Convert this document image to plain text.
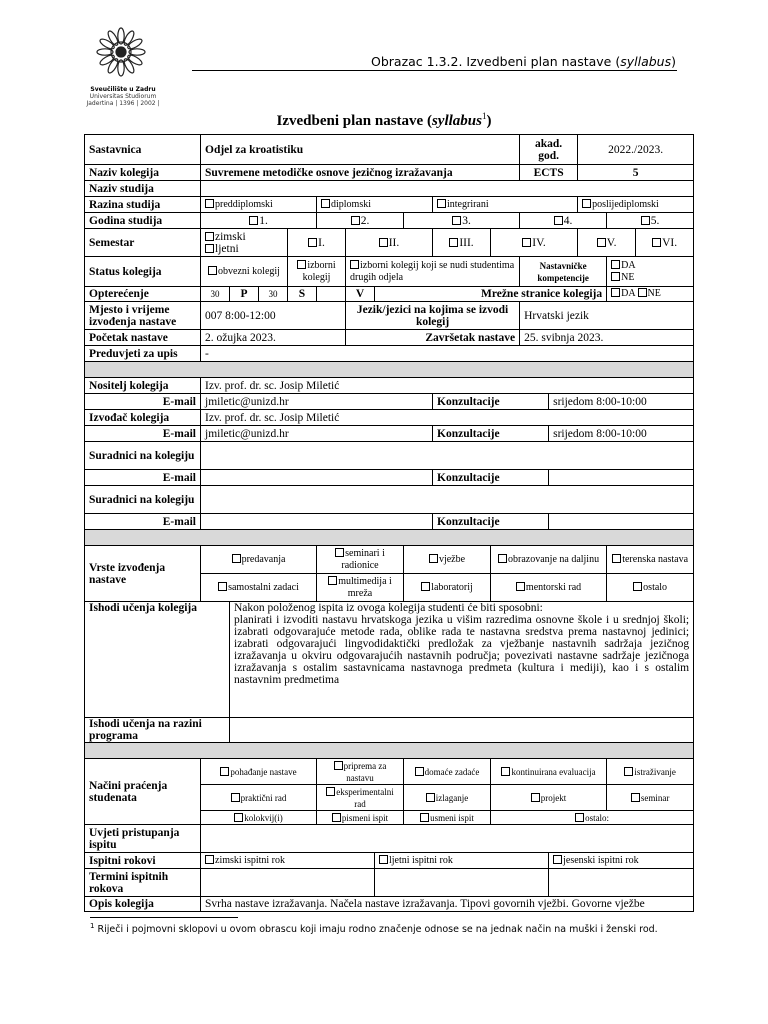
Sveučilište u Zadru
Universitas Studiorum
Jadertina | 1396 | 2002 |
Obrazac 1.3.2. Izvedbeni plan nastave (syllabus)
Izvedbeni plan nastave (syllabus$^1$)
Sastavnica	Odjel za kroatistiku										akad. god.		2022./2023.		
Naziv kolegija	Suvremene metodičke osnove jezičnog izražavanja										ECTS		5		
Naziv studija															
Razina studija	preddiplomski				diplomski				integrirani				poslijediplomski		
Godina studija	1.				2.			3.			4.			5.	
Semestar	zimski
ljetni			I.		II.			III.	IV.			V.		VI.
Status kolegija	obvezni kolegij			izborni kolegij		izborni kolegij koji se nudi studentima drugih odjela					Nastavničke kompetencije			DA
NE	

Opterećenje	30	P	30	S		V	Mrežne stranice kolegija							DA NE	
Mjesto i vrijeme izvođenja nastave	007 8:00-12:00					Jezik/jezici na kojima se izvodi kolegij					Hrvatski jezik				
Početak nastave	2. ožujka 2023.					Završetak nastave					25. svibnja 2023.				
Preduvjeti za upis	-														

Nositelj kolegija	Izv. prof. dr. sc. Josip Miletić														
E-mail	jmiletic@unizd.hr								Konzultacije			srijedom 8:00-10:00			
Izvođač kolegija	Izv. prof. dr. sc. Josip Miletić														
E-mail	jmiletic@unizd.hr								Konzultacije			srijedom 8:00-10:00			
Suradnici na kolegiju															
E-mail									Konzultacije						
Suradnici na kolegiju															
E-mail									Konzultacije						

Vrste izvođenja nastave	predavanja				seminari i radionice			vježbe		obrazovanje na daljinu				terenska nastava	
	samostalni zadaci				multimedija i mreža			laboratorij		mentorski rad				ostalo	
Ishodi učenja kolegija		Nakon položenog ispita iz ovoga kolegija studenti će biti sposobni:
planirati i izvoditi nastavu hrvatskoga jezika u višim razredima osnovne škole i u srednjoj školi; izabrati odgovarajuće metode rada, oblike rada te nastavna sredstva prema nastavnoj jedinici; izabrati odgovarajući lingvodidaktički predložak za vježbanje nastavnih sadržaja jezičnog izražavanja u okviru odgovarajućih nastavnih područja; povezivati nastavne sadržaje jezičnoga izražavanja s ostalim sastavnicama nastavnoga predmeta (kultura i mediji), kao i s ostalim nastavnim predmetima													

Ishodi učenja na razini programa															

Načini praćenja studenata	pohađanje nastave				priprema za nastavu			domaće zadaće		kontinuirana evaluacija				istraživanje	
	praktični rad				eksperimentalni rad			izlaganje		projekt				seminar	
	kolokvij(i)				pismeni ispit			usmeni ispit		ostalo:					
Uvjeti pristupanja ispitu															
Ispitni rokovi	zimski ispitni rok						ljetni ispitni rok					jesenski ispitni rok			
Termini ispitnih rokova															
Opis kolegija	Svrha nastave izražavanja. Načela nastave izražavanja. Tipovi govornih vježbi. Govorne vježbe														
$^1$ Riječi i pojmovni sklopovi u ovom obrascu koji imaju rodno značenje odnose se na jednak način na muški i ženski rod.
